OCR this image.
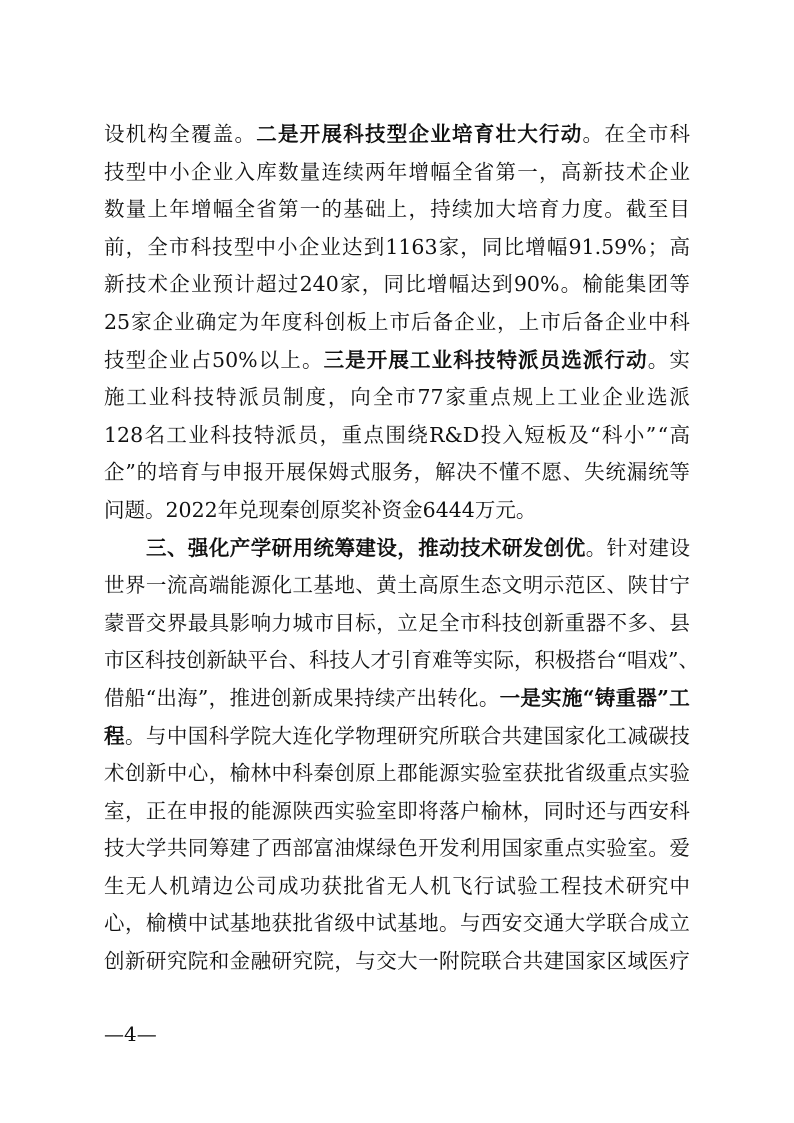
设 机 构 全 覆 盖 。 二 是 开 展 科 技 型 企 业 培 育 壮 大 行 动 。 在 全 市 科
技 型 中 小 企 业 入 库 数 量 连 续 两 年 增 幅 全 省 第 一 ， 高 新 技 术 企 业
数 量 上 年 增 幅 全 省 第 一 的 基 础 上 ， 持 续 加 大 培 育 力 度 。 截 至 目
前 ， 全 市 科 技 型 中 小 企 业 达 到 1163 家 ， 同 比 增 幅 91.59% ； 高
新 技 术 企 业 预 计 超 过 240 家 ， 同 比 增 幅 达 到 90% 。 榆 能 集 团 等
25 家 企 业 确 定 为 年 度 科 创 板 上 市 后 备 企 业 ， 上 市 后 备 企 业 中 科
技 型 企 业 占 50% 以 上 。 三 是 开 展 工 业 科 技 特 派 员 选 派 行 动 。 实
施 工 业 科 技 特 派 员 制 度 ， 向 全 市 77 家 重 点 规 上 工 业 企 业 选 派
128 名 工 业 科 技 特 派 员 ， 重 点 围 绕 R&D 投 入 短 板 及 “ 科 小 ” “ 高
企 ” 的 培 育 与 申 报 开 展 保 姆 式 服 务 ， 解 决 不 懂 不 愿 、 失 统 漏 统 等
问 题 。 2022 年 兑 现 秦 创 原 奖 补 资 金 6444 万 元 。
三 、 强 化 产 学 研 用 统 筹 建 设 ， 推 动 技 术 研 发 创 优 。 针 对 建 设
世 界 一 流 高 端 能 源 化 工 基 地 、 黄 土 高 原 生 态 文 明 示 范 区 、 陕 甘 宁
蒙 晋 交 界 最 具 影 响 力 城 市 目 标 ， 立 足 全 市 科 技 创 新 重 器 不 多 、 县
市 区 科 技 创 新 缺 平 台 、 科 技 人 才 引 育 难 等 实 际 ， 积 极 搭 台 “ 唱 戏 ” 、
借 船 “ 出 海 ” ， 推 进 创 新 成 果 持 续 产 出 转 化 。 一 是 实 施 “ 铸 重 器 ” 工
程 。 与 中 国 科 学 院 大 连 化 学 物 理 研 究 所 联 合 共 建 国 家 化 工 减 碳 技
术 创 新 中 心 ， 榆 林 中 科 秦 创 原 上 郡 能 源 实 验 室 获 批 省 级 重 点 实 验
室 ， 正 在 申 报 的 能 源 陕 西 实 验 室 即 将 落 户 榆 林 ， 同 时 还 与 西 安 科
技 大 学 共 同 筹 建 了 西 部 富 油 煤 绿 色 开 发 利 用 国 家 重 点 实 验 室 。 爱
生 无 人 机 靖 边 公 司 成 功 获 批 省 无 人 机 飞 行 试 验 工 程 技 术 研 究 中
心 ， 榆 横 中 试 基 地 获 批 省 级 中 试 基 地 。 与 西 安 交 通 大 学 联 合 成 立
创 新 研 究 院 和 金 融 研 究 院 ， 与 交 大 一 附 院 联 合 共 建 国 家 区 域 医 疗
—4—
